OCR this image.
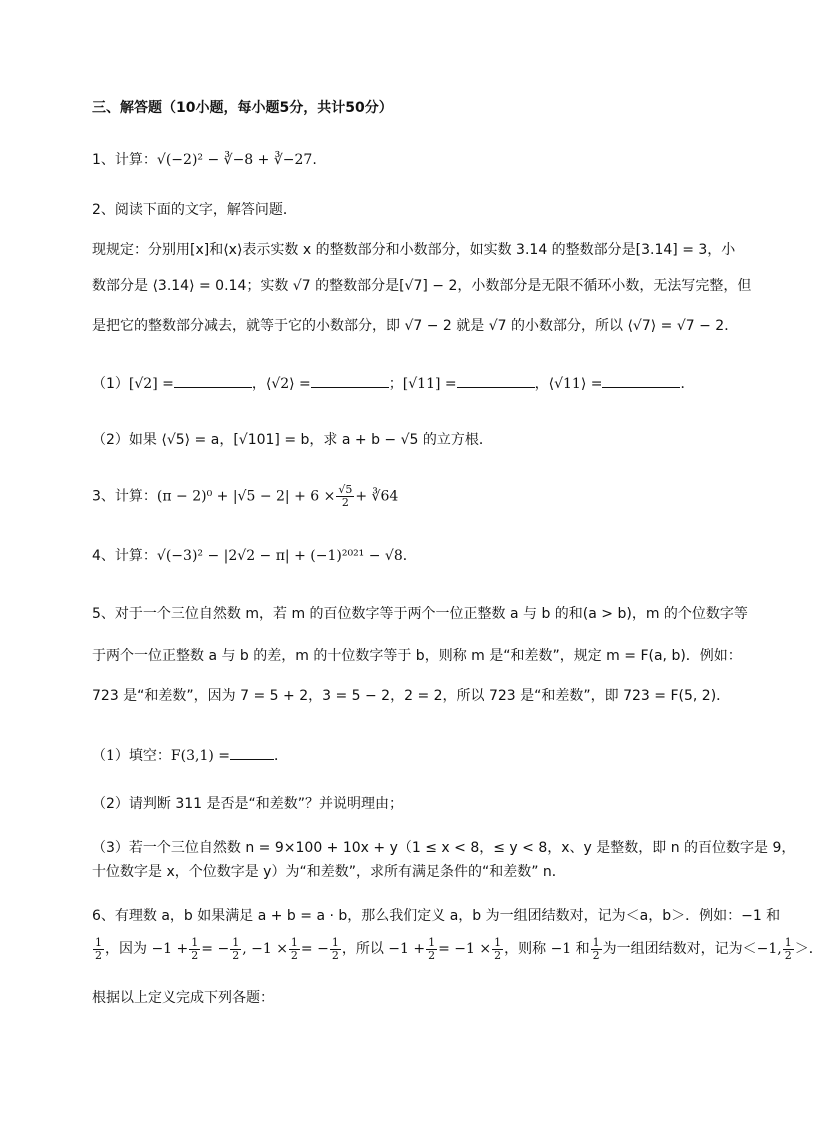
三、解答题（10小题，每小题5分，共计50分）
1、计算：√(−2)² − ∛−8 + ∛−27.
2、阅读下面的文字，解答问题．
现规定：分别用[x]和⟨x⟩表示实数 x 的整数部分和小数部分，如实数 3.14 的整数部分是[3.14] = 3，小
数部分是 ⟨3.14⟩ = 0.14；实数 √7 的整数部分是[√7] − 2，小数部分是无限不循环小数，无法写完整，但
是把它的整数部分减去，就等于它的小数部分，即 √7 − 2 就是 √7 的小数部分，所以 ⟨√7⟩ = √7 − 2．
（1）[√2] =	，⟨√2⟩ =	；[√11] =	，⟨√11⟩ =	．
（2）如果 ⟨√5⟩ = a，[√101] = b，求 a + b − √5 的立方根．
3、计算：$(\pi - 2)^0 + |√5 - 2| + 6 \times \frac{√5}{2}$ + ∛64
4、计算：√(−3)² − |2√2 − π| + (−1)²⁰²¹ − √8．
5、对于一个三位自然数 m，若 m 的百位数字等于两个一位正整数 a 与 b 的和(a > b)，m 的个位数字等
于两个一位正整数 a 与 b 的差，m 的十位数字等于 b，则称 m 是“和差数”，规定 m = F(a, b)．例如：
723 是“和差数”，因为 7 = 5 + 2，3 = 5 − 2，2 = 2，所以 723 是“和差数”，即 723 = F(5, 2)．
（1）填空：F(3,1) =	．
（2）请判断 311 是否是“和差数”？并说明理由；
（3）若一个三位自然数 n = 9×100 + 10x + y（1 ≤ x < 8，≤ y < 8，x、y 是整数，即 n 的百位数字是 9，
十位数字是 x，个位数字是 y）为“和差数”，求所有满足条件的“和差数” n．
6、有理数 a，b 如果满足 a + b = a · b，那么我们定义 a，b 为一组团结数对，记为＜a，b＞．例如：−1 和
$\frac{1}{2}$ ，因为 $-1 + \frac{1}{2}$ = − $\frac{1}{2}$ , $-1 \times \frac{1}{2}$ = − $\frac{1}{2}$ ，所以 $-1 + \frac{1}{2} = -1 \times \frac{1}{2}$ ，则称 −1 和 $\frac{1}{2}$ 为一组团结数对，记为＜−1, $\frac{1}{2}$ ＞．
根据以上定义完成下列各题：
